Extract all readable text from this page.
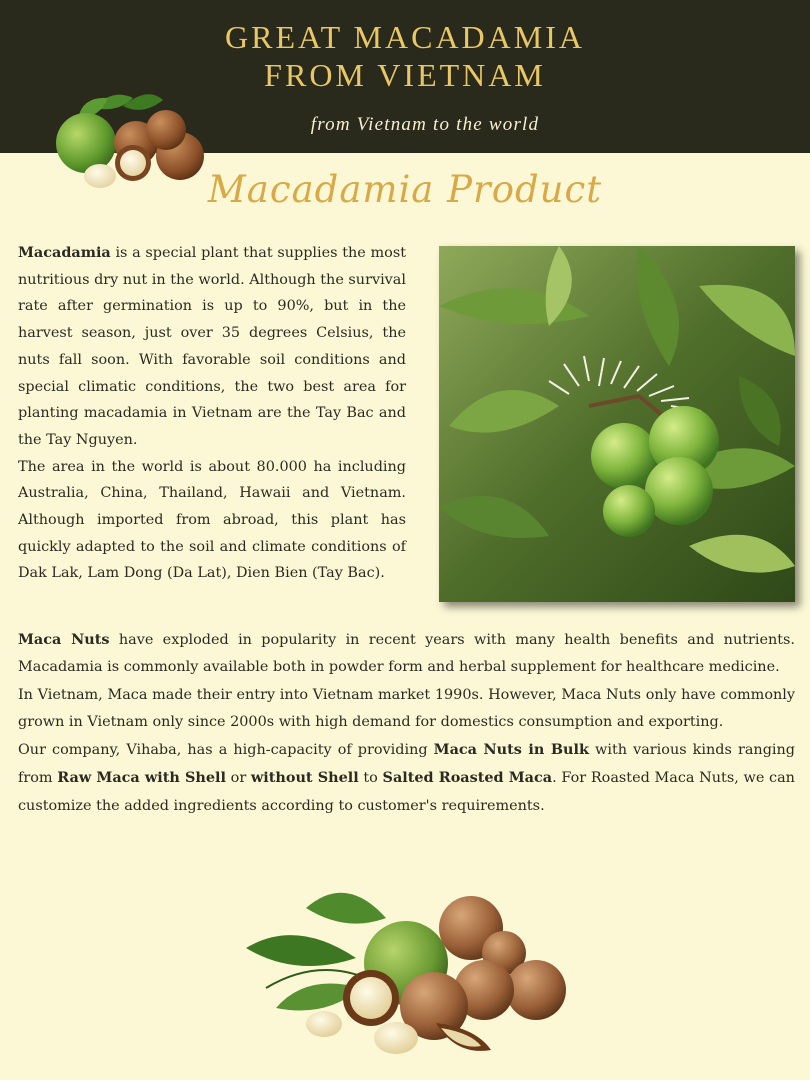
GREAT MACADAMIA
FROM VIETNAM
from Vietnam to the world
Macadamia Product

Macadamia is a special plant that supplies the most nutritious dry nut in the world. Although the survival rate after germination is up to 90%, but in the harvest season, just over 35 degrees Celsius, the nuts fall soon. With favorable soil conditions and special climatic conditions, the two best area for planting macadamia in Vietnam are the Tay Bac and the Tay Nguyen.

The area in the world is about 80.000 ha including Australia, China, Thailand, Hawaii and Vietnam. Although imported from abroad, this plant has quickly adapted to the soil and climate conditions of Dak Lak, Lam Dong (Da Lat), Dien Bien (Tay Bac).

Maca Nuts have exploded in popularity in recent years with many health benefits and nutrients. Macadamia is commonly available both in powder form and herbal supplement for healthcare medicine.

In Vietnam, Maca made their entry into Vietnam market 1990s. However, Maca Nuts only have commonly grown in Vietnam only since 2000s with high demand for domestics consumption and exporting.

Our company, Vihaba, has a high-capacity of providing Maca Nuts in Bulk with various kinds ranging from Raw Maca with Shell or without Shell to Salted Roasted Maca. For Roasted Maca Nuts, we can customize the added ingredients according to customer's requirements.
